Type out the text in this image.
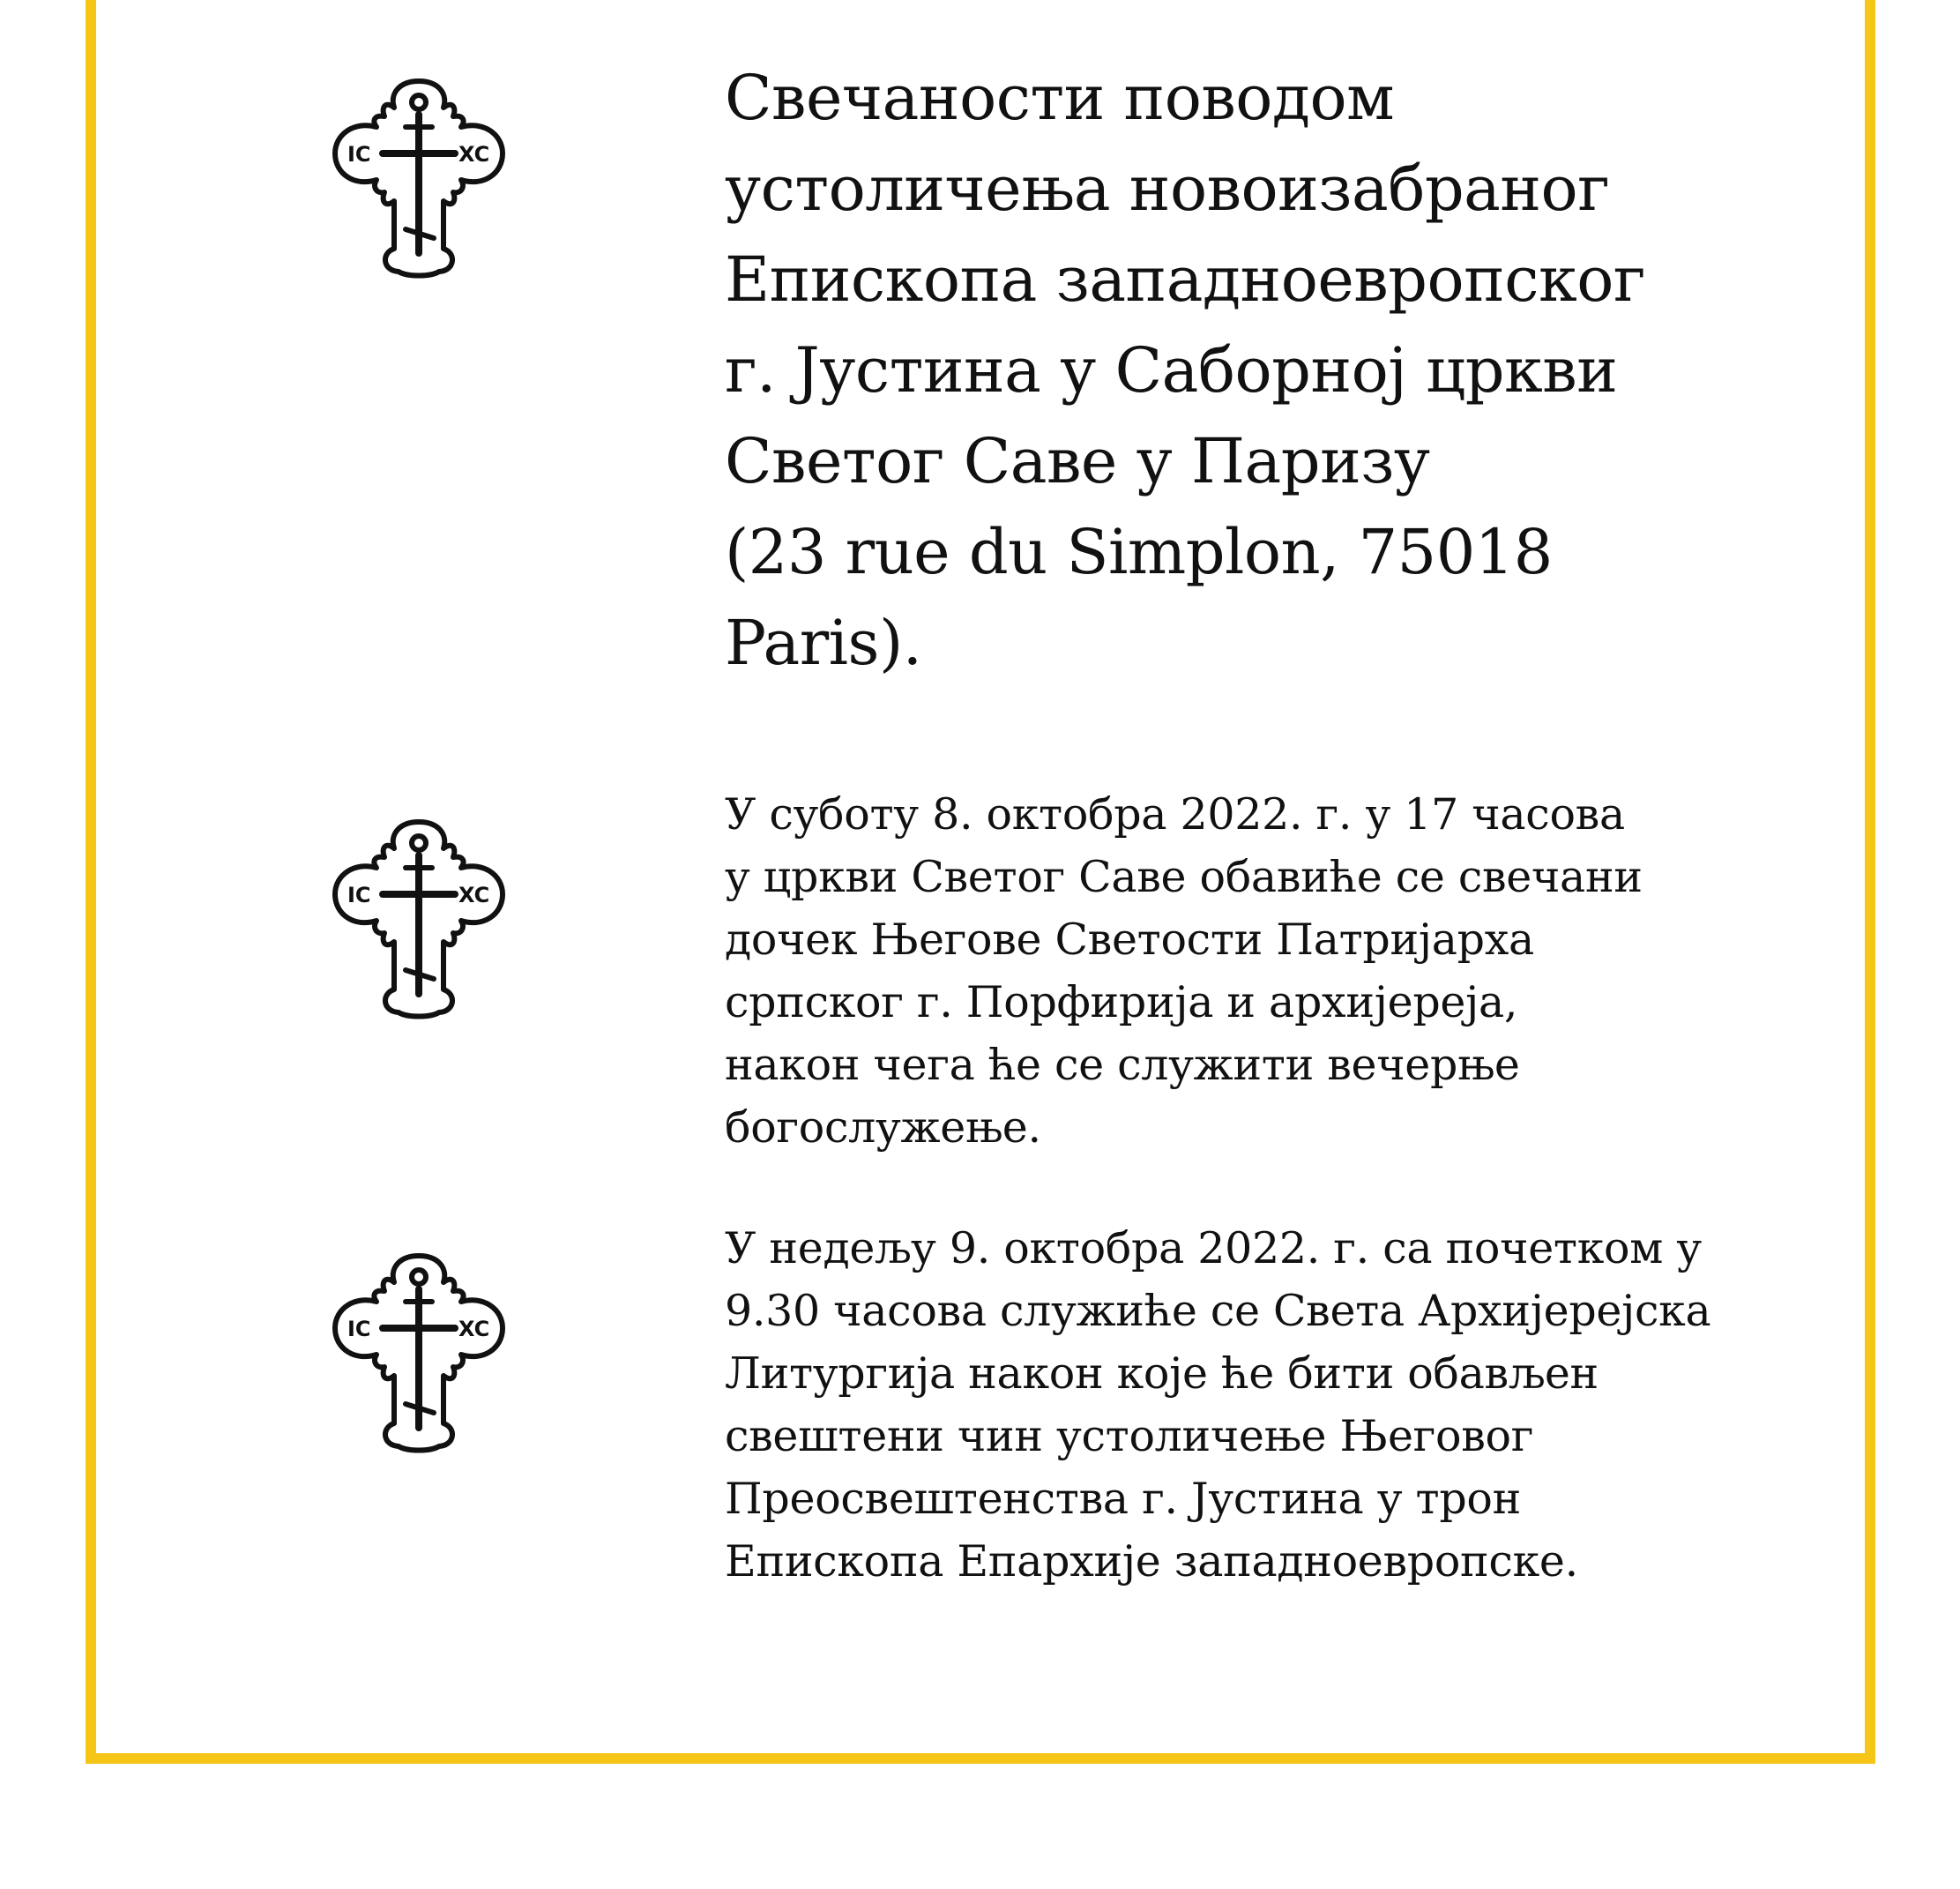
IC	XC
IC	XC
IC	XC
Свечаности поводом
устоличења новоизабраног
Епископа западноевропског
г. Јустина у Саборној цркви
Светог Саве у Паризу
(23 rue du Simplon, 75018
Paris).

У суботу 8. октобра 2022. г. у 17 часова
у цркви Светог Саве обавиће се свечани
дочек Његове Светости Патријарха
српског г. Порфирија и архијереја,
након чега ће се служити вечерње
богослужење.

У недељу 9. октобра 2022. г. са почетком у
9.30 часова служиће се Света Архијерејска
Литургија након које ће бити обављен
свештени чин устоличење Његовог
Преосвештенства г. Јустина у трон
Епископа Епархије западноевропске.
